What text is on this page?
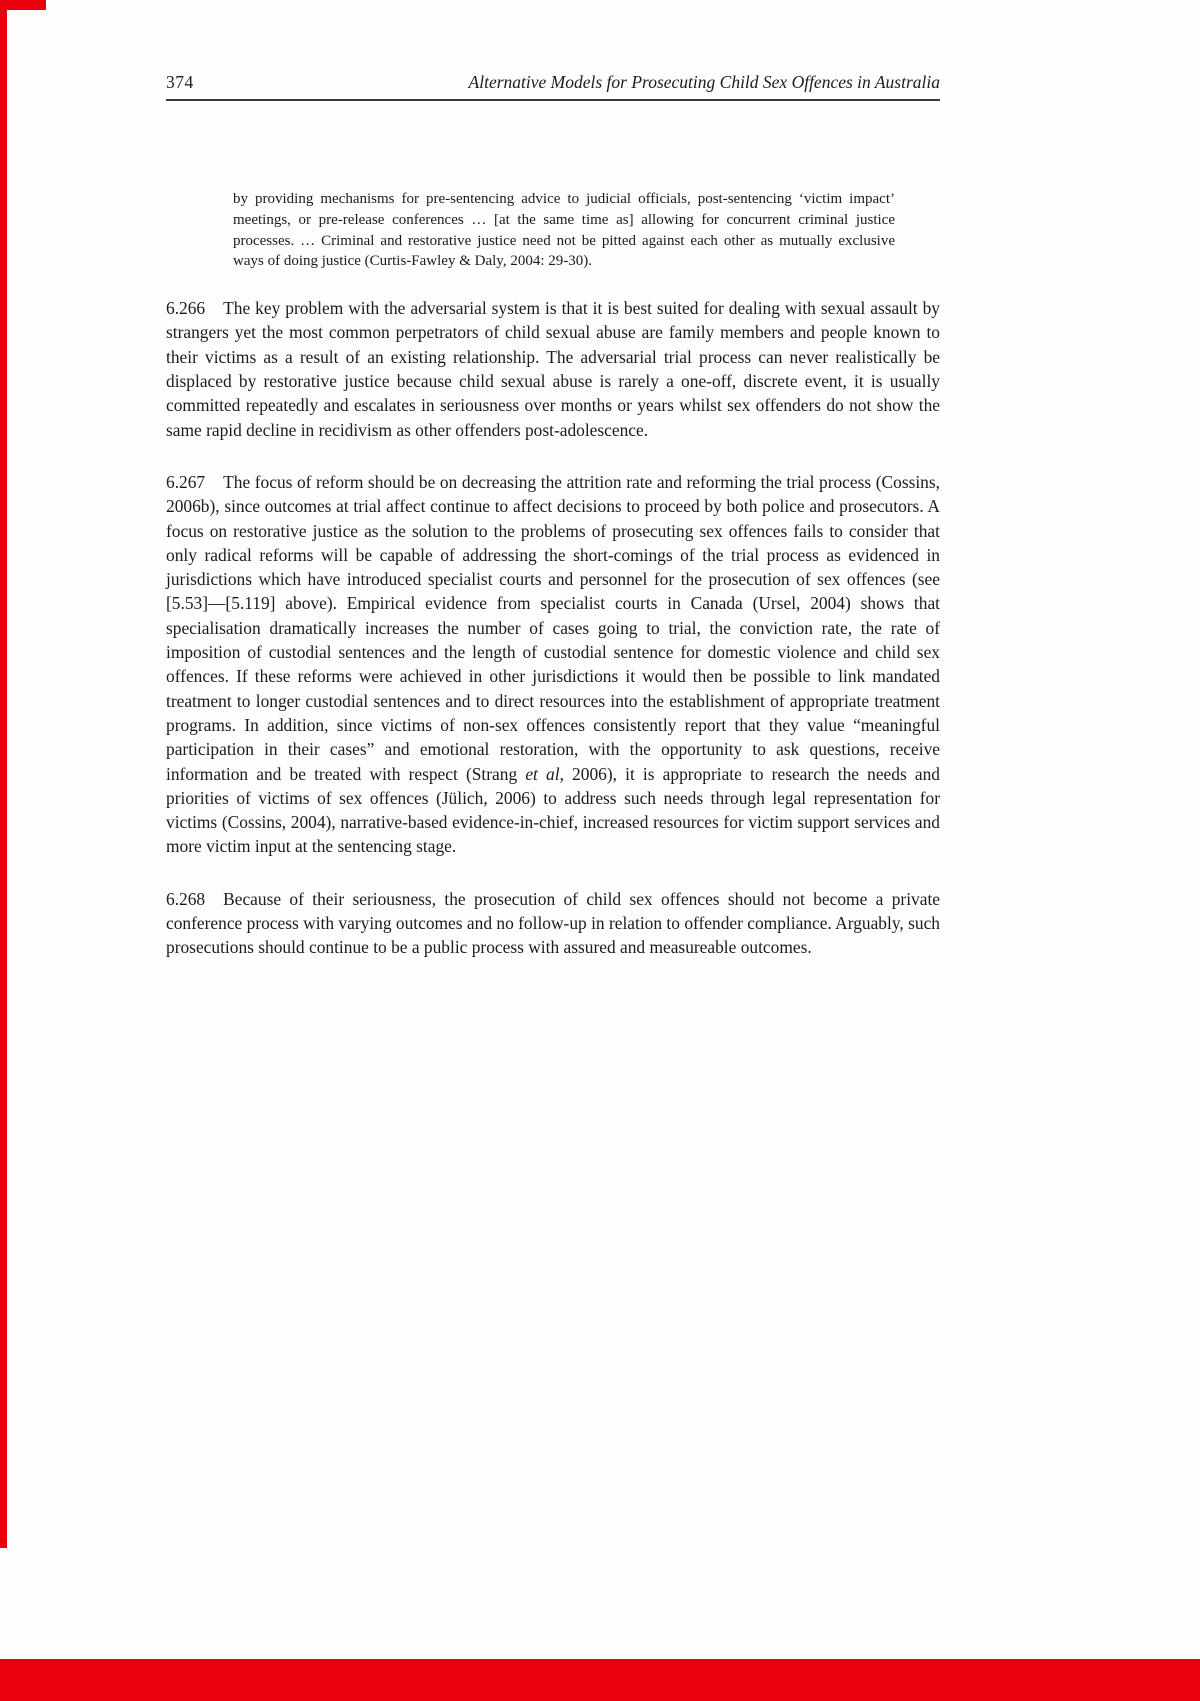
374	Alternative Models for Prosecuting Child Sex Offences in Australia
by providing mechanisms for pre-sentencing advice to judicial officials, post-sentencing ‘victim impact’ meetings, or pre-release conferences … [at the same time as] allowing for concurrent criminal justice processes. … Criminal and restorative justice need not be pitted against each other as mutually exclusive ways of doing justice (Curtis-Fawley & Daly, 2004: 29-30).

6.266 The key problem with the adversarial system is that it is best suited for dealing with sexual assault by strangers yet the most common perpetrators of child sexual abuse are family members and people known to their victims as a result of an existing relationship. The adversarial trial process can never realistically be displaced by restorative justice because child sexual abuse is rarely a one-off, discrete event, it is usually committed repeatedly and escalates in seriousness over months or years whilst sex offenders do not show the same rapid decline in recidivism as other offenders post-adolescence.

6.267 The focus of reform should be on decreasing the attrition rate and reforming the trial process (Cossins, 2006b), since outcomes at trial affect continue to affect decisions to proceed by both police and prosecutors. A focus on restorative justice as the solution to the problems of prosecuting sex offences fails to consider that only radical reforms will be capable of addressing the short-comings of the trial process as evidenced in jurisdictions which have introduced specialist courts and personnel for the prosecution of sex offences (see [5.53]—[5.119] above). Empirical evidence from specialist courts in Canada (Ursel, 2004) shows that specialisation dramatically increases the number of cases going to trial, the conviction rate, the rate of imposition of custodial sentences and the length of custodial sentence for domestic violence and child sex offences. If these reforms were achieved in other jurisdictions it would then be possible to link mandated treatment to longer custodial sentences and to direct resources into the establishment of appropriate treatment programs. In addition, since victims of non-sex offences consistently report that they value “meaningful participation in their cases” and emotional restoration, with the opportunity to ask questions, receive information and be treated with respect (Strang et al, 2006), it is appropriate to research the needs and priorities of victims of sex offences (Jülich, 2006) to address such needs through legal representation for victims (Cossins, 2004), narrative-based evidence-in-chief, increased resources for victim support services and more victim input at the sentencing stage.

6.268 Because of their seriousness, the prosecution of child sex offences should not become a private conference process with varying outcomes and no follow-up in relation to offender compliance. Arguably, such prosecutions should continue to be a public process with assured and measureable outcomes.
